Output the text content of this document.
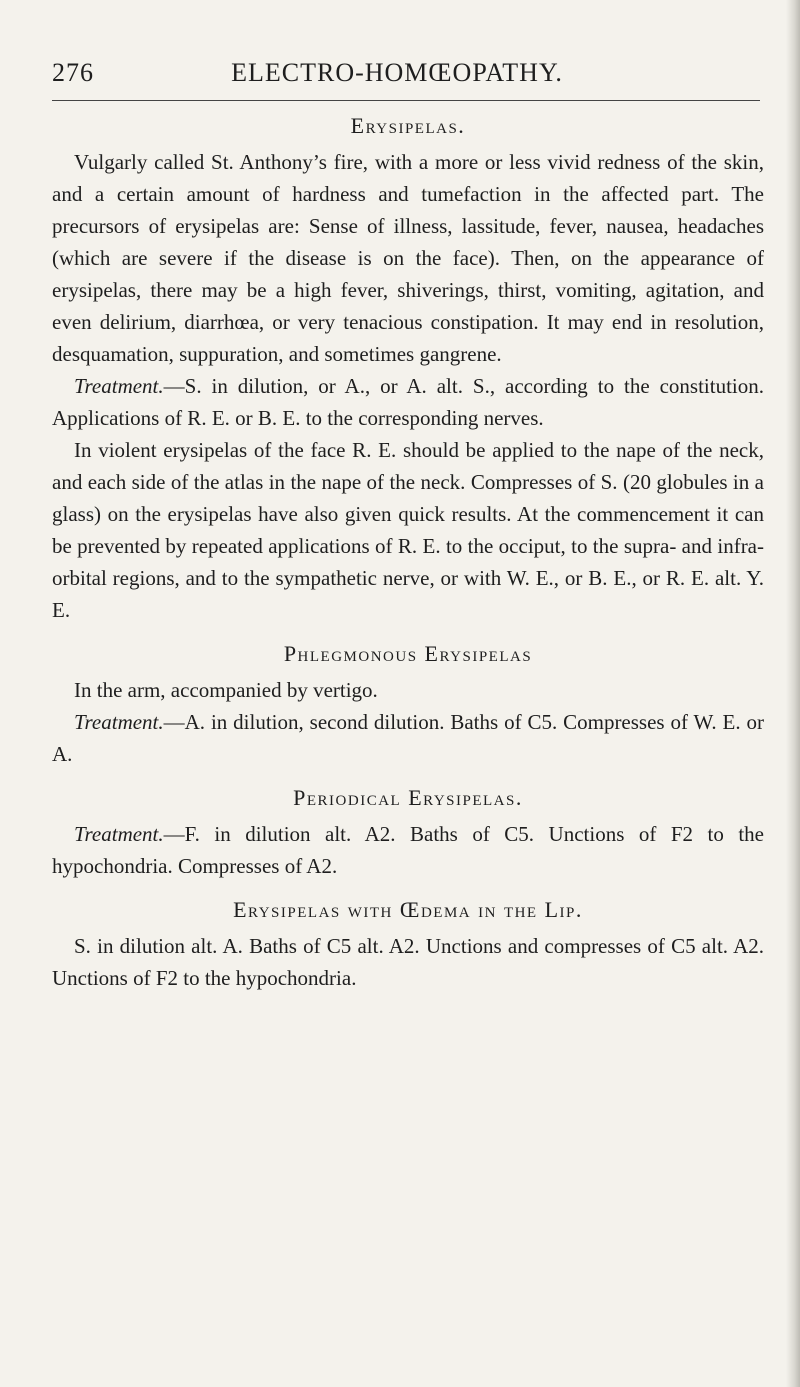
276	ELECTRO-HOMŒOPATHY.
Erysipelas.

Vulgarly called St. Anthony’s fire, with a more or less vivid redness of the skin, and a certain amount of hardness and tumefaction in the affected part. The precursors of erysipelas are: Sense of illness, lassitude, fever, nausea, headaches (which are severe if the disease is on the face). Then, on the appearance of erysipelas, there may be a high fever, shiverings, thirst, vomiting, agitation, and even delirium, diarrhœa, or very tenacious constipation. It may end in resolution, desquamation, suppuration, and sometimes gangrene.

Treatment.—S. in dilution, or A., or A. alt. S., according to the constitution. Applications of R. E. or B. E. to the corresponding nerves.

In violent erysipelas of the face R. E. should be applied to the nape of the neck, and each side of the atlas in the nape of the neck. Compresses of S. (20 globules in a glass) on the erysipelas have also given quick results. At the commencement it can be prevented by repeated applications of R. E. to the occiput, to the supra- and infra-orbital regions, and to the sympathetic nerve, or with W. E., or B. E., or R. E. alt. Y. E.

Phlegmonous Erysipelas

In the arm, accompanied by vertigo.

Treatment.—A. in dilution, second dilution. Baths of C5. Compresses of W. E. or A.

Periodical Erysipelas.

Treatment.—F. in dilution alt. A2. Baths of C5. Unctions of F2 to the hypochondria. Compresses of A2.

Erysipelas with Œdema in the Lip.

S. in dilution alt. A. Baths of C5 alt. A2. Unctions and compresses of C5 alt. A2. Unctions of F2 to the hypochondria.
